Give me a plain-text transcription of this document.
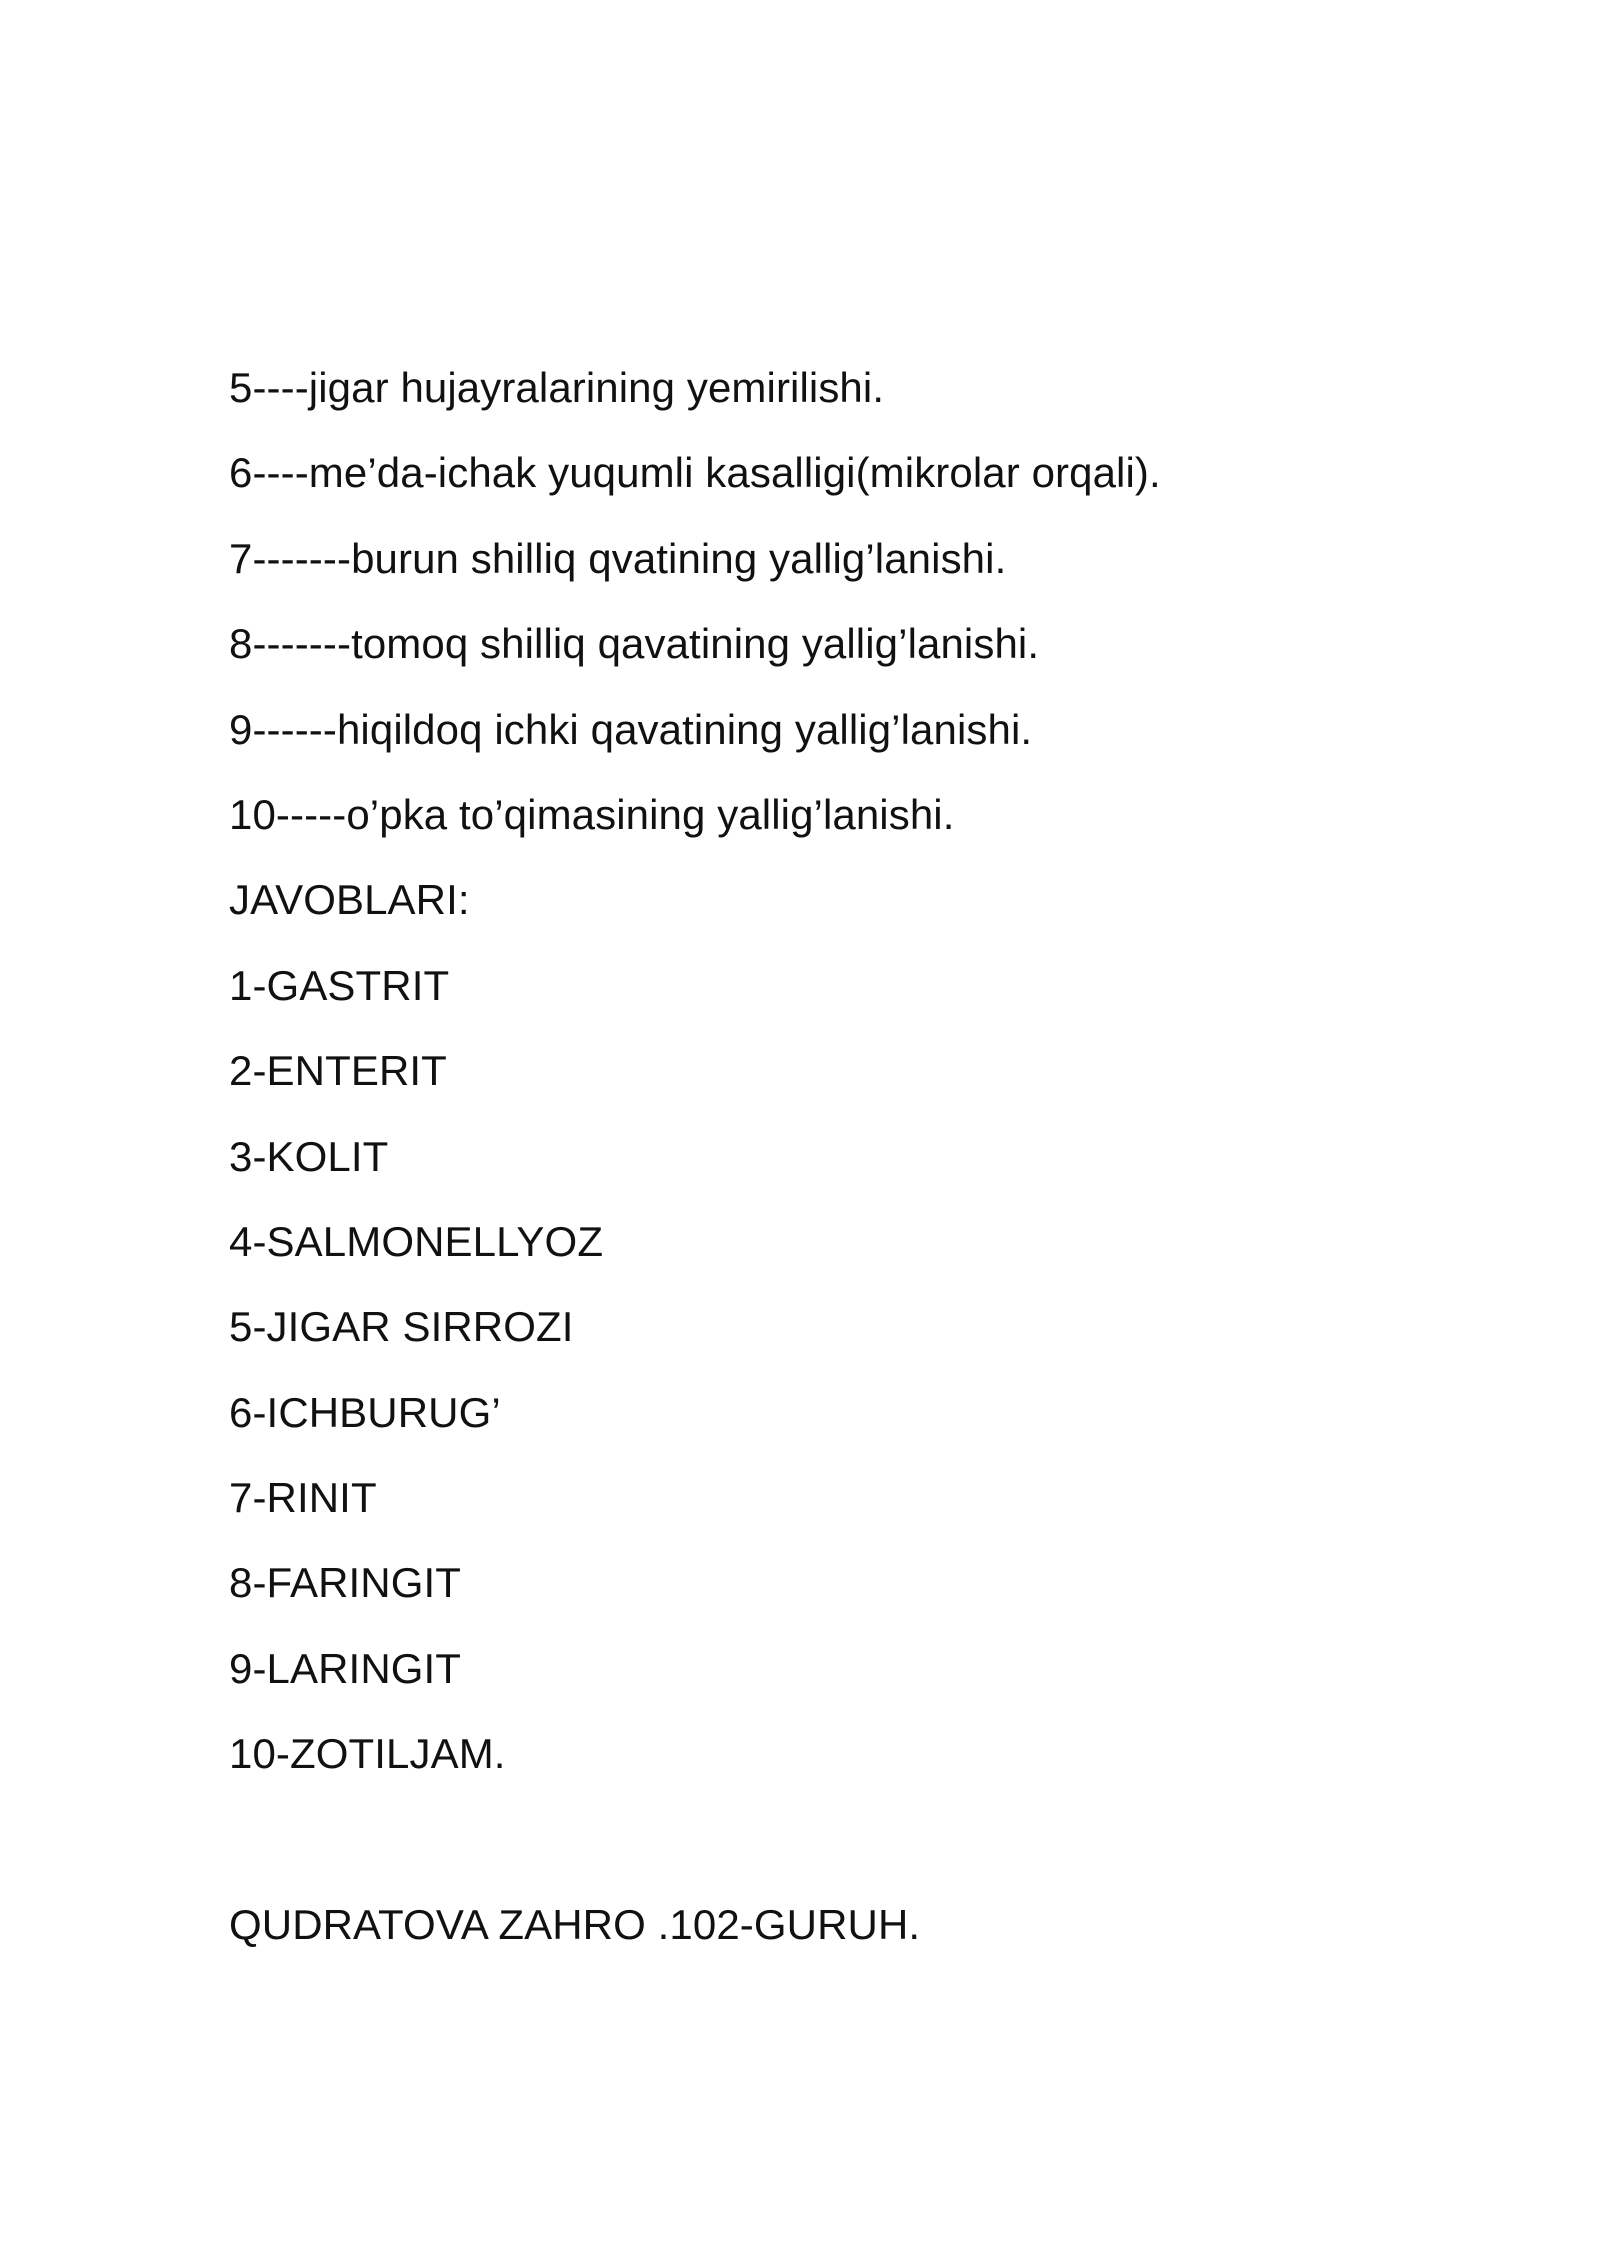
5----jigar hujayralarining yemirilishi.
6----me’da-ichak yuqumli kasalligi(mikrolar orqali).
7-------burun shilliq qvatining yallig’lanishi.
8-------tomoq shilliq qavatining yallig’lanishi.
9------hiqildoq ichki qavatining yallig’lanishi.
10-----o’pka to’qimasining yallig’lanishi.
JAVOBLARI:
1-GASTRIT
2-ENTERIT
3-KOLIT
4-SALMONELLYOZ
5-JIGAR SIRROZI
6-ICHBURUG’
7-RINIT
8-FARINGIT
9-LARINGIT
10-ZOTILJAM.
QUDRATOVA ZAHRO .102-GURUH.
